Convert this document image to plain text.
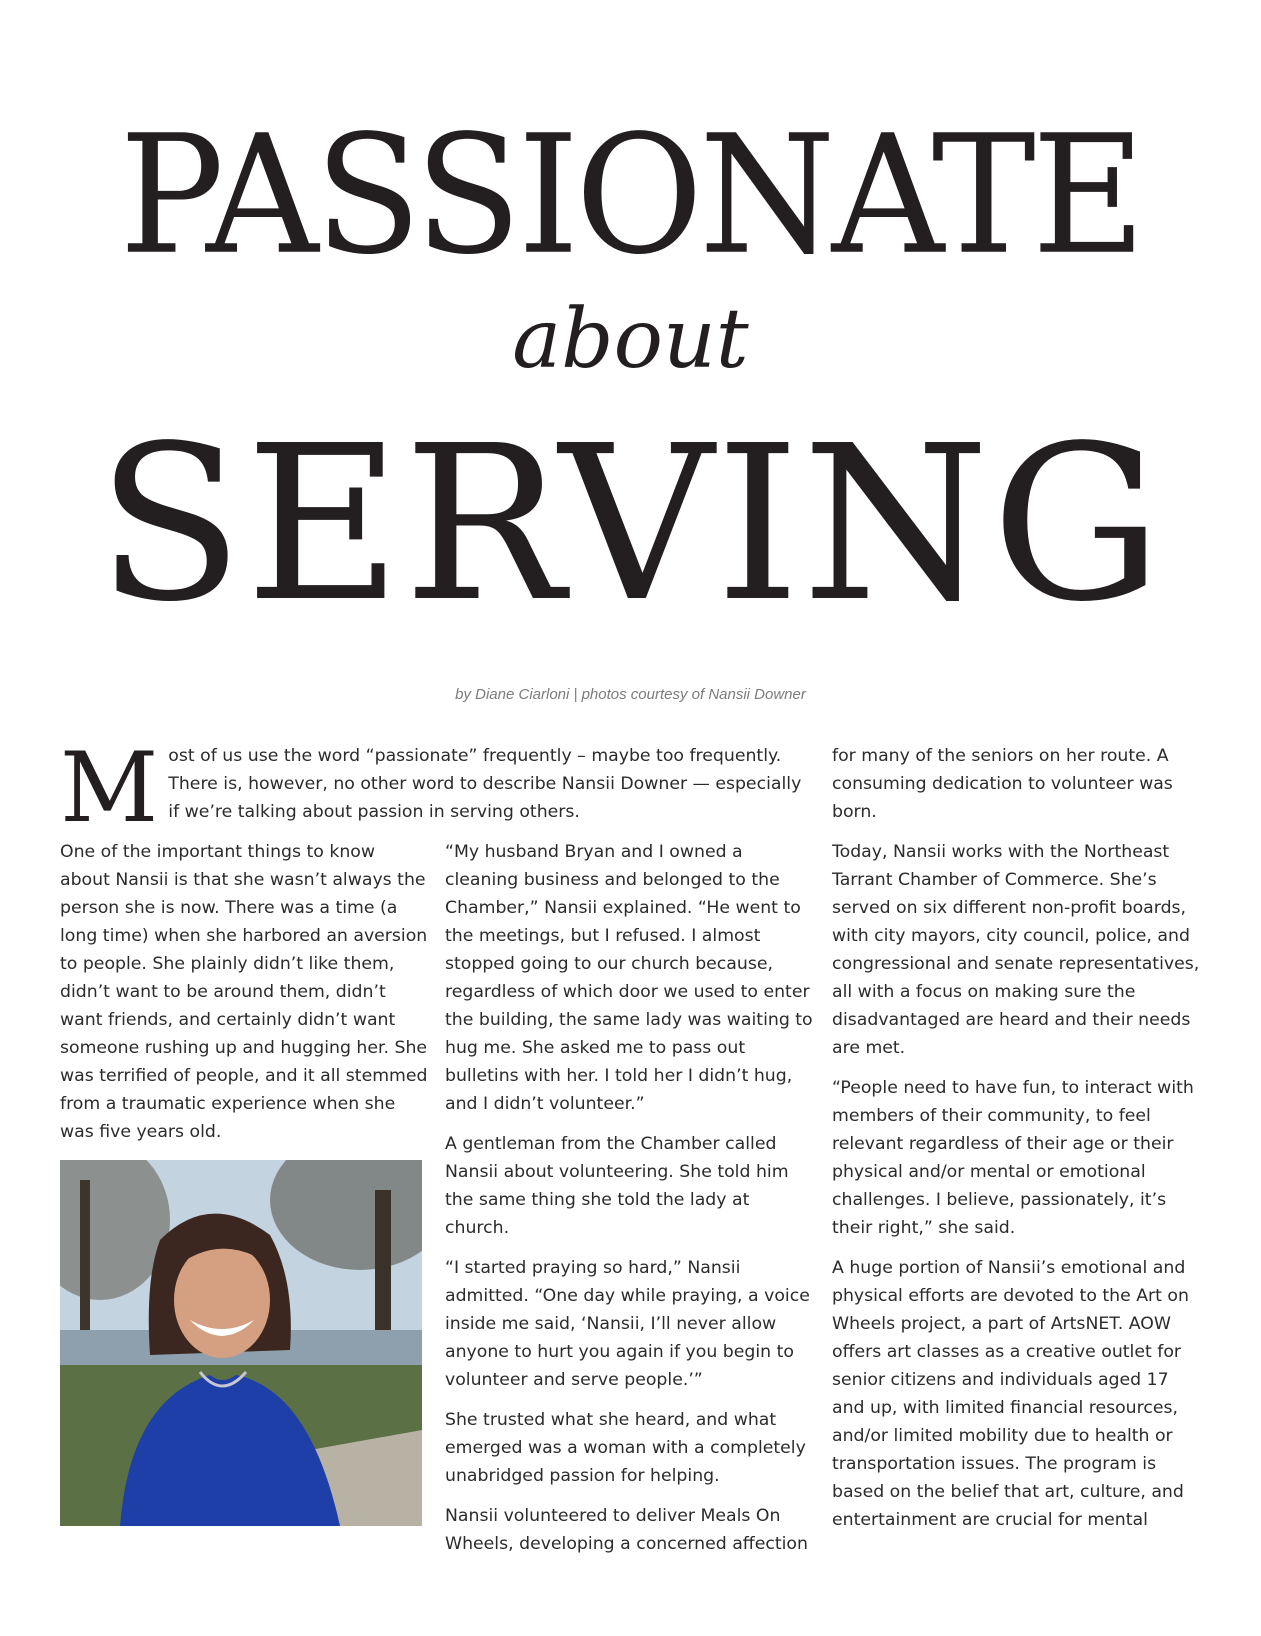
PASSIONATE
about
SERVING

by Diane Ciarloni | photos courtesy of Nansii Downer

Most of us use the word “passionate” frequently – maybe too frequently. There is, however, no other word to describe Nansii Downer — especially if we’re talking about passion in serving others.

One of the important things to know about Nansii is that she wasn’t always the person she is now. There was a time (a long time) when she harbored an aversion to people. She plainly didn’t like them, didn’t want to be around them, didn’t want friends, and certainly didn’t want someone rushing up and hugging her. She was terrified of people, and it all stemmed from a traumatic experience when she was five years old.

“My husband Bryan and I owned a cleaning business and belonged to the Chamber,” Nansii explained. “He went to the meetings, but I refused. I almost stopped going to our church because, regardless of which door we used to enter the building, the same lady was waiting to hug me. She asked me to pass out bulletins with her. I told her I didn’t hug, and I didn’t volunteer.”

A gentleman from the Chamber called Nansii about volunteering. She told him the same thing she told the lady at church.

“I started praying so hard,” Nansii admitted. “One day while praying, a voice inside me said, ‘Nansii, I’ll never allow anyone to hurt you again if you begin to volunteer and serve people.’”

She trusted what she heard, and what emerged was a woman with a completely unabridged passion for helping.

Nansii volunteered to deliver Meals On Wheels, developing a concerned affection

for many of the seniors on her route. A consuming dedication to volunteer was born.

Today, Nansii works with the Northeast Tarrant Chamber of Commerce. She’s served on six different non-profit boards, with city mayors, city council, police, and congressional and senate representatives, all with a focus on making sure the disadvantaged are heard and their needs are met.

“People need to have fun, to interact with members of their community, to feel relevant regardless of their age or their physical and/or mental or emotional challenges. I believe, passionately, it’s their right,” she said.

A huge portion of Nansii’s emotional and physical efforts are devoted to the Art on Wheels project, a part of ArtsNET. AOW offers art classes as a creative outlet for senior citizens and individuals aged 17 and up, with limited financial resources, and/or limited mobility due to health or transportation issues. The program is based on the belief that art, culture, and entertainment are crucial for mental
